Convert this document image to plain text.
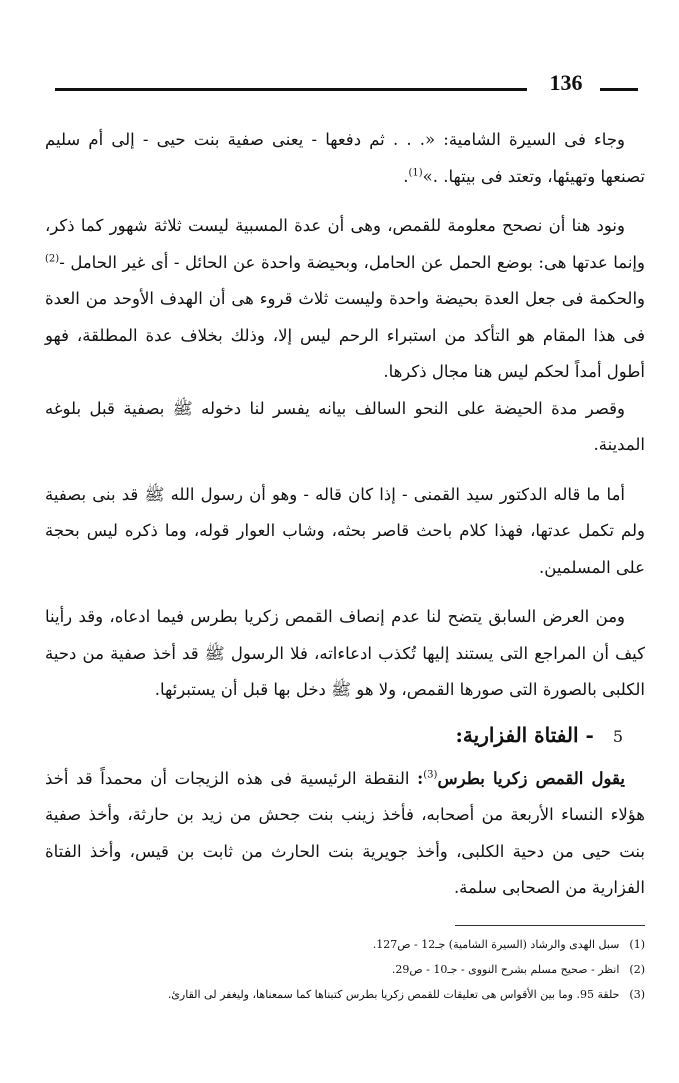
136

وجاء فى السيرة الشامية: «. . . ثم دفعها - يعنى صفية بنت حيى - إلى أم سليم تصنعها وتهيئها، وتعتد فى بيتها. .»$^{(1)}$.

ونود هنا أن نصحح معلومة للقمص، وهى أن عدة المسبية ليست ثلاثة شهور كما ذكر، وإنما عدتها هى: بوضع الحمل عن الحامل، وبحيضة واحدة عن الحائل - أى غير الحامل -$^{(2)}$ والحكمة فى جعل العدة بحيضة واحدة وليست ثلاث قروء هى أن الهدف الأوحد من العدة فى هذا المقام هو التأكد من استبراء الرحم ليس إلا، وذلك بخلاف عدة المطلقة، فهو أطول أمداً لحكم ليس هنا مجال ذكرها.

وقصر مدة الحيضة على النحو السالف بيانه يفسر لنا دخوله ﷺ بصفية قبل بلوغه المدينة.

أما ما قاله الدكتور سيد القمنى - إذا كان قاله - وهو أن رسول الله ﷺ قد بنى بصفية ولم تكمل عدتها، فهذا كلام باحث قاصر بحثه، وشاب العوار قوله، وما ذكره ليس بحجة على المسلمين.

ومن العرض السابق يتضح لنا عدم إنصاف القمص زكريا بطرس فيما ادعاه، وقد رأينا كيف أن المراجع التى يستند إليها تُكذب ادعاءاته، فلا الرسول ﷺ قد أخذ صفية من دحية الكلبى بالصورة التى صورها القمص، ولا هو ﷺ دخل بها قبل أن يستبرئها.

5 - الفتاة الفزارية:

يقول القمص زكريا بطرس$^{(3)}$: النقطة الرئيسية فى هذه الزيجات أن محمداً قد أخذ هؤلاء النساء الأربعة من أصحابه، فأخذ زينب بنت جحش من زيد بن حارثة، وأخذ صفية بنت حيى من دحية الكلبى، وأخذ جويرية بنت الحارث من ثابت بن قيس، وأخذ الفتاة الفزارية من الصحابى سلمة.

(1)سبل الهدى والرشاد (السيرة الشامية) جـ12 - ص127.
(2)انظر - صحيح مسلم بشرح النووى - جـ10 - ص29.
(3)حلقة 95. وما بين الأقواس هى تعليقات للقمص زكريا بطرس كتبناها كما سمعناها، وليغفر لى القارئ.
